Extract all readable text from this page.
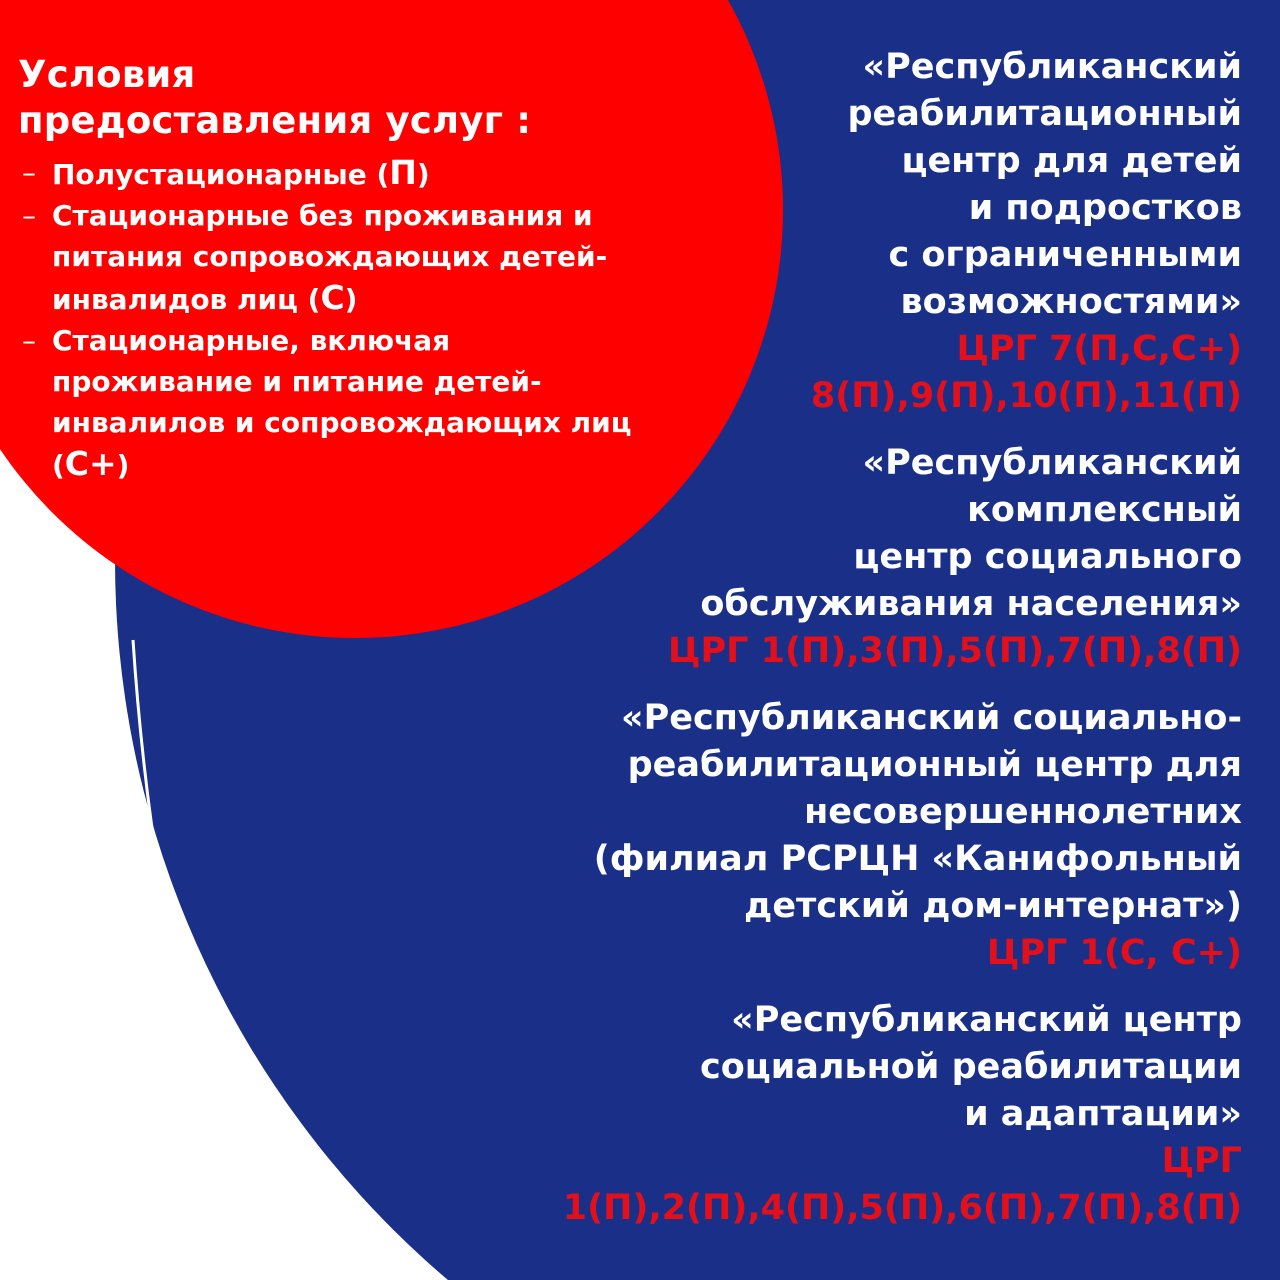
Условия
предоставления услуг :
– Полустационарные (П)
– Стационарные без проживания и питания сопровождающих детей-инвалидов лиц (С)
– Стационарные, включая проживание и питание детей-инвалилов и сопровождающих лиц (С+)

«Республиканский
реабилитационный
центр для детей
и подростков
с ограниченными
возможностями»

ЦРГ 7(П,С,С+)
8(П),9(П),10(П),11(П)

«Республиканский
комплексный
центр социального
обслуживания населения»

ЦРГ 1(П),3(П),5(П),7(П),8(П)

«Республиканский социально-
реабилитационный центр для
несовершеннолетних
(филиал РСРЦН «Канифольный
детский дом-интернат»)

ЦРГ 1(С, С+)

«Республиканский центр
социальной реабилитации
и адаптации»

ЦРГ 1(П),2(П),4(П),5(П),6(П),7(П),8(П)
